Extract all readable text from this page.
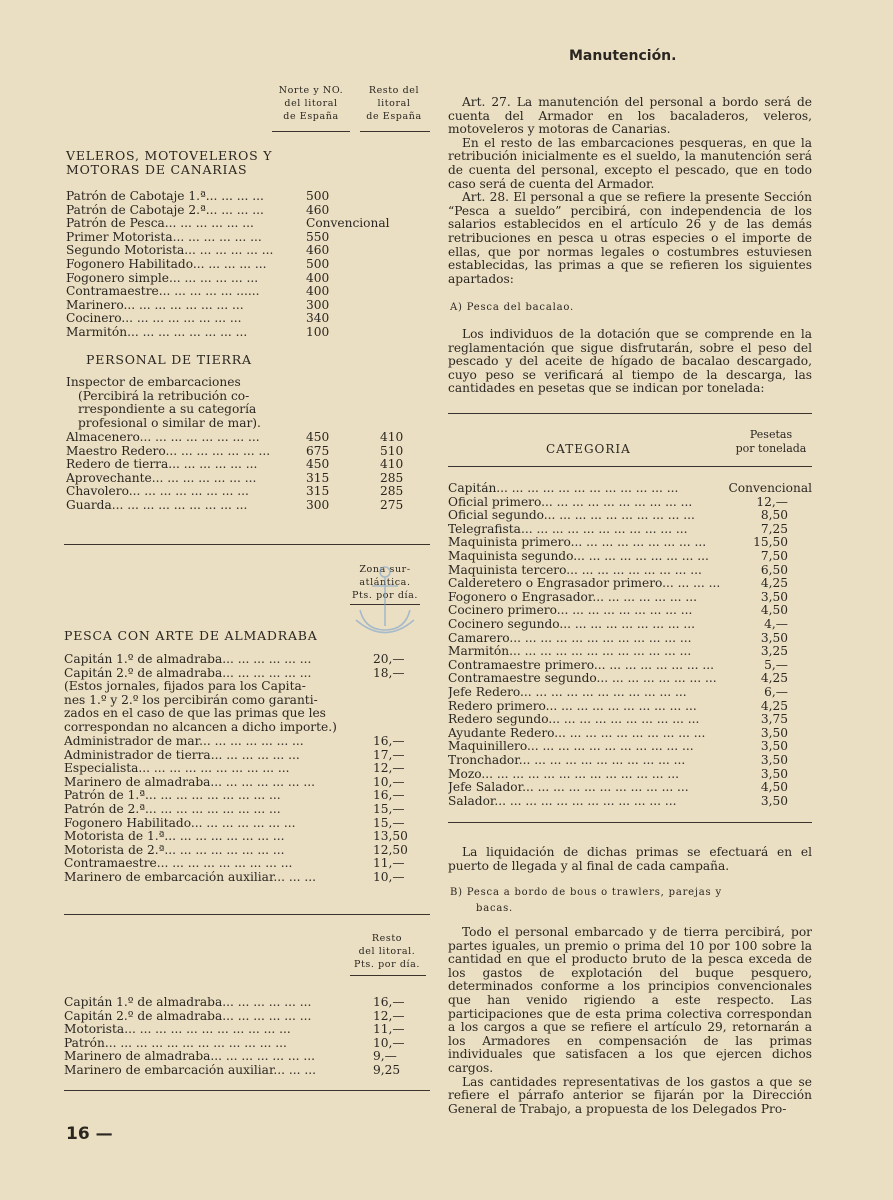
Manutención.
Norte y NO.
del litoral
de España
Resto del
litoral
de España
VELEROS, MOTOVELEROS Y
MOTORAS DE CANARIAS
Patrón de Cabotaje 1.ª... ... ... ...	500
Patrón de Cabotaje 2.ª... ... ... ...	460
Patrón de Pesca... ... ... ... ... ...	Convencional
Primer Motorista... ... ... ... ... ...	550
Segundo Motorista... ... ... ... ... ...	460
Fogonero Habilitado... ... ... ... ...	500
Fogonero simple... ... ... ... ... ...	400
Contramaestre... ... ... ... ... ......	400
Marinero... ... ... ... ... ... ... ...	300
Cocinero... ... ... ... ... ... ... ...	340
Marmitón... ... ... ... ... ... ... ...	100
PERSONAL DE TIERRA
Inspector de embarcaciones
(Percibirá la retribución co-
rrespondiente a su categoría
profesional o similar de mar).
Almacenero... ... ... ... ... ... ... ...	450	410
Maestro Redero... ... ... ... ... ... ...	675	510
Redero de tierra... ... ... ... ... ...	450	410
Aprovechante... ... ... ... ... ... ...	315	285
Chavolero... ... ... ... ... ... ... ...	315	285
Guarda... ... ... ... ... ... ... ... ...	300	275
Zona sur-
atlántica.
Pts. por día.
PESCA CON ARTE DE ALMADRABA
Capitán 1.º de almadraba... ... ... ... ... ...	20,—
Capitán 2.º de almadraba... ... ... ... ... ...	18,—
(Estos jornales, fijados para los Capita-
nes 1.º y 2.º los percibirán como garanti-
zados en el caso de que las primas que les
correspondan no alcancen a dicho importe.)
Administrador de mar... ... ... ... ... ... ...	16,—
Administrador de tierra... ... ... ... ... ...	17,—
Especialista... ... ... ... ... ... ... ... ... ...	12,—
Marinero de almadraba... ... ... ... ... ... ...	10,—
Patrón de 1.ª... ... ... ... ... ... ... ... ...	16,—
Patrón de 2.ª... ... ... ... ... ... ... ... ...	15,—
Fogonero Habilitado... ... ... ... ... ... ...	15,—
Motorista de 1.ª... ... ... ... ... ... ... ...	13,50
Motorista de 2.ª... ... ... ... ... ... ... ...	12,50
Contramaestre... ... ... ... ... ... ... ... ...	11,—
Marinero de embarcación auxiliar... ... ...	10,—
Resto
del litoral.
Pts. por día.
Capitán 1.º de almadraba... ... ... ... ... ...	16,—
Capitán 2.º de almadraba... ... ... ... ... ...	12,—
Motorista... ... ... ... ... ... ... ... ... ... ...	11,—
Patrón... ... ... ... ... ... ... ... ... ... ... ...	10,—
Marinero de almadraba... ... ... ... ... ... ...	9,—
Marinero de embarcación auxiliar... ... ...	9,25
16 —

Art. 27. La manutención del personal a bordo será de cuenta del Armador en los bacaladeros, veleros, motoveleros y motoras de Canarias.

En el resto de las embarcaciones pesqueras, en que la retribución inicialmente es el sueldo, la manutención será de cuenta del personal, excepto el pescado, que en todo caso será de cuenta del Armador.

Art. 28. El personal a que se refiere la presente Sección “Pesca a sueldo” percibirá, con independencia de los salarios establecidos en el artículo 26 y de las demás retribuciones en pesca u otras especies o el importe de ellas, que por normas legales o costumbres estuviesen establecidas, las primas a que se refieren los siguientes apartados:

A) Pesca del bacalao.
Los individuos de la dotación que se comprende en la reglamentación que sigue disfrutarán, sobre el peso del pescado y del aceite de hígado de bacalao descargado, cuyo peso se verificará al tiempo de la descarga, las cantidades en pesetas que se indican por tonelada:
CATEGORIA
Pesetas
por tonelada
Capitán... ... ... ... ... ... ... ... ... ... ... ...	Convencional
Oficial primero... ... ... ... ... ... ... ... ... ...	12,—
Oficial segundo... ... ... ... ... ... ... ... ... ...	8,50
Telegrafista... ... ... ... ... ... ... ... ... ... ...	7,25
Maquinista primero... ... ... ... ... ... ... ... ...	15,50
Maquinista segundo... ... ... ... ... ... ... ... ...	7,50
Maquinista tercero... ... ... ... ... ... ... ... ...	6,50
Calderetero o Engrasador primero... ... ... ...	4,25
Fogonero o Engrasador... ... ... ... ... ... ...	3,50
Cocinero primero... ... ... ... ... ... ... ... ...	4,50
Cocinero segundo... ... ... ... ... ... ... ... ...	4,—
Camarero... ... ... ... ... ... ... ... ... ... ... ...	3,50
Marmitón... ... ... ... ... ... ... ... ... ... ... ...	3,25
Contramaestre primero... ... ... ... ... ... ... ...	5,—
Contramaestre segundo... ... ... ... ... ... ... ...	4,25
Jefe Redero... ... ... ... ... ... ... ... ... ... ...	6,—
Redero primero... ... ... ... ... ... ... ... ... ...	4,25
Redero segundo... ... ... ... ... ... ... ... ... ...	3,75
Ayudante Redero... ... ... ... ... ... ... ... ... ...	3,50
Maquinillero... ... ... ... ... ... ... ... ... ... ...	3,50
Tronchador... ... ... ... ... ... ... ... ... ... ...	3,50
Mozo... ... ... ... ... ... ... ... ... ... ... ... ...	3,50
Jefe Salador... ... ... ... ... ... ... ... ... ... ...	4,50
Salador... ... ... ... ... ... ... ... ... ... ... ...	3,50
La liquidación de dichas primas se efectuará en el puerto de llegada y al final de cada campaña.
B) Pesca a bordo de bous o trawlers, parejas y
bacas.

Todo el personal embarcado y de tierra percibirá, por partes iguales, un premio o prima del 10 por 100 sobre la cantidad en que el producto bruto de la pesca exceda de los gastos de explotación del buque pesquero, determinados conforme a los principios convencionales que han venido rigiendo a este respecto. Las participaciones que de esta prima colectiva correspondan a los cargos a que se refiere el artículo 29, retornarán a los Armadores en compensación de las primas individuales que satisfacen a los que ejercen dichos cargos.

Las cantidades representativas de los gastos a que se refiere el párrafo anterior se fijarán por la Dirección General de Trabajo, a propuesta de los Delegados Pro-
